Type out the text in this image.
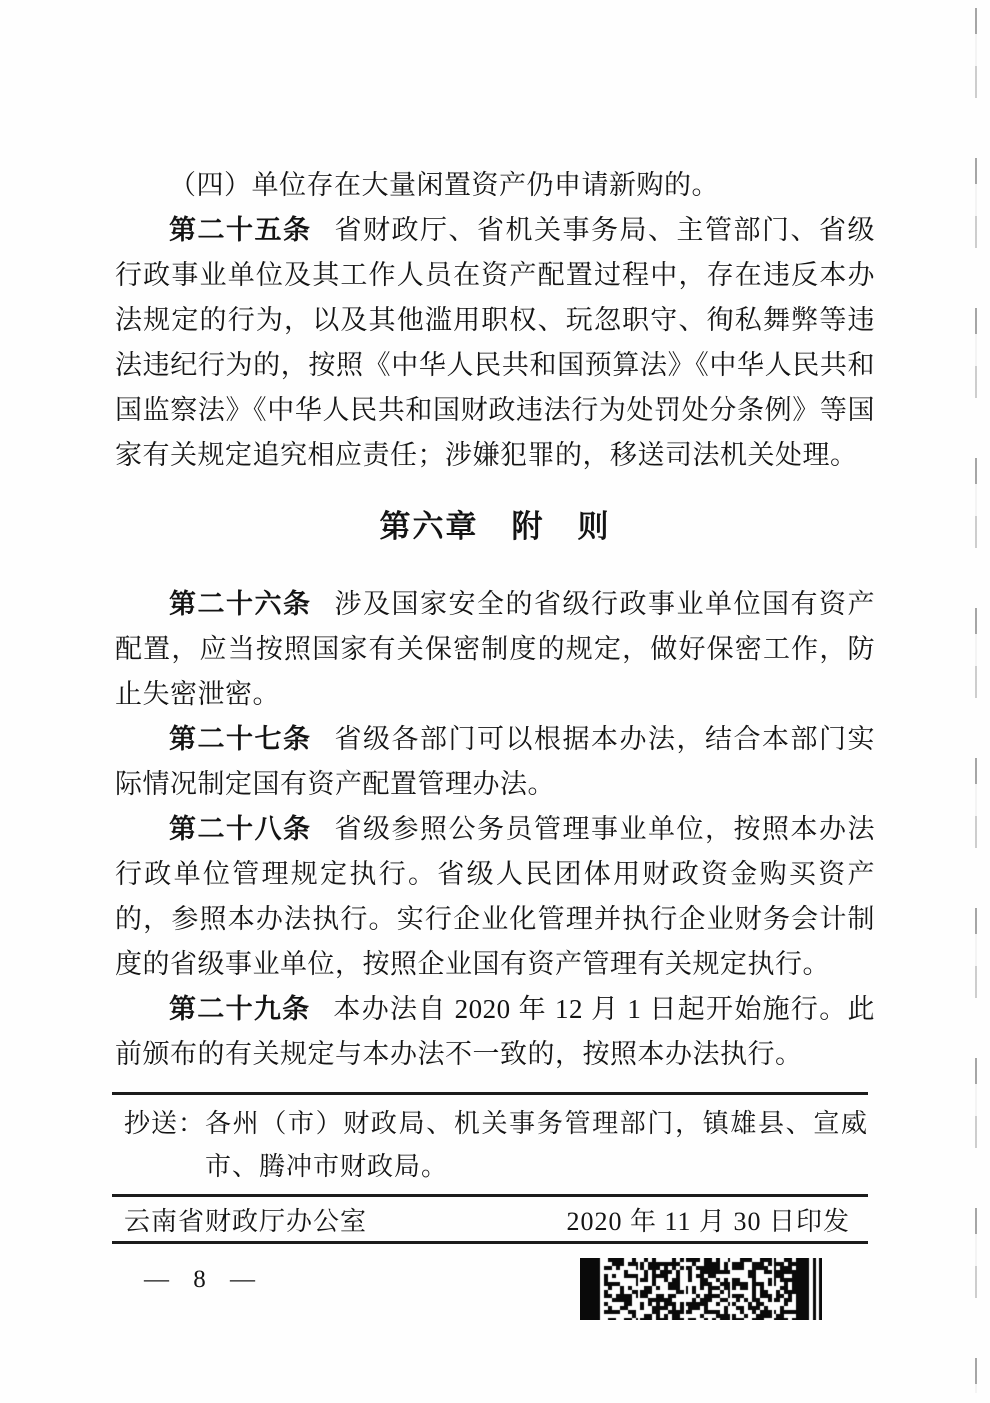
（四）单位存在大量闲置资产仍申请新购的。

第二十五条 省财政厅、省机关事务局、主管部门、省级行政事业单位及其工作人员在资产配置过程中，存在违反本办法规定的行为，以及其他滥用职权、玩忽职守、徇私舞弊等违法违纪行为的，按照《中华人民共和国预算法》《中华人民共和国监察法》《中华人民共和国财政违法行为处罚处分条例》等国家有关规定追究相应责任；涉嫌犯罪的，移送司法机关处理。

第六章　附　则

第二十六条 涉及国家安全的省级行政事业单位国有资产配置，应当按照国家有关保密制度的规定，做好保密工作，防止失密泄密。

第二十七条 省级各部门可以根据本办法，结合本部门实际情况制定国有资产配置管理办法。

第二十八条 省级参照公务员管理事业单位，按照本办法行政单位管理规定执行。省级人民团体用财政资金购买资产的，参照本办法执行。实行企业化管理并执行企业财务会计制度的省级事业单位，按照企业国有资产管理有关规定执行。

第二十九条 本办法自 2020 年 12 月 1 日起开始施行。此前颁布的有关规定与本办法不一致的，按照本办法执行。

抄送： 各州（市）财政局、机关事务管理部门，镇雄县、宣威市、腾冲市财政局。
云南省财政厅办公室	2020 年 11 月 30 日印发
— 8 —
